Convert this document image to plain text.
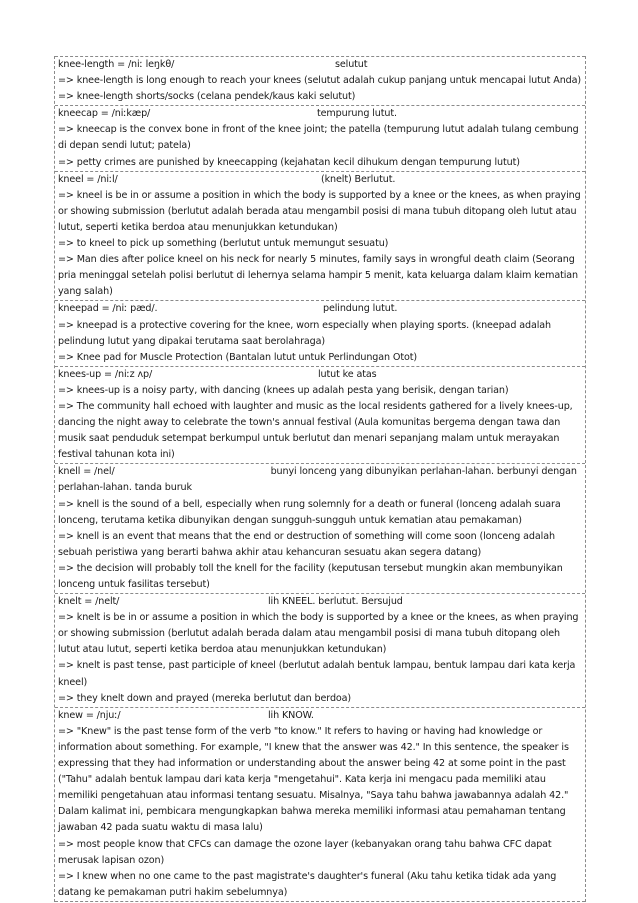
knee-length = /niː leŋkθ/	selutut
=> knee-length is long enough to reach your knees (selutut adalah cukup panjang untuk mencapai lutut Anda)
=> knee-length shorts/socks (celana pendek/kaus kaki selutut)
kneecap = /niːkæp/	tempurung lutut.
=> kneecap is the convex bone in front of the knee joint; the patella (tempurung lutut adalah tulang cembung di depan sendi lutut; patela)
=> petty crimes are punished by kneecapping (kejahatan kecil dihukum dengan tempurung lutut)
kneel = /niːl/	(knelt) Berlutut.
=> kneel is be in or assume a position in which the body is supported by a knee or the knees, as when praying or showing submission (berlutut adalah berada atau mengambil posisi di mana tubuh ditopang oleh lutut atau lutut, seperti ketika berdoa atau menunjukkan ketundukan)
=> to kneel to pick up something (berlutut untuk memungut sesuatu)
=> Man dies after police kneel on his neck for nearly 5 minutes, family says in wrongful death claim (Seorang pria meninggal setelah polisi berlutut di lehernya selama hampir 5 menit, kata keluarga dalam klaim kematian yang salah)
kneepad = /niː pæd/.	pelindung lutut.
=> kneepad is a protective covering for the knee, worn especially when playing sports. (kneepad adalah pelindung lutut yang dipakai terutama saat berolahraga)
=> Knee pad for Muscle Protection (Bantalan lutut untuk Perlindungan Otot)
knees-up = /niːz ʌp/	lutut ke atas
=> knees-up is a noisy party, with dancing (knees up adalah pesta yang berisik, dengan tarian)
=> The community hall echoed with laughter and music as the local residents gathered for a lively knees-up, dancing the night away to celebrate the town's annual festival (Aula komunitas bergema dengan tawa dan musik saat penduduk setempat berkumpul untuk berlutut dan menari sepanjang malam untuk merayakan festival tahunan kota ini)
knell = /nel/	bunyi lonceng yang dibunyikan perlahan-lahan. berbunyi dengan perlahan-lahan. tanda buruk
=> knell is the sound of a bell, especially when rung solemnly for a death or funeral (lonceng adalah suara lonceng, terutama ketika dibunyikan dengan sungguh-sungguh untuk kematian atau pemakaman)
=> knell is an event that means that the end or destruction of something will come soon (lonceng adalah sebuah peristiwa yang berarti bahwa akhir atau kehancuran sesuatu akan segera datang)
=> the decision will probably toll the knell for the facility (keputusan tersebut mungkin akan membunyikan lonceng untuk fasilitas tersebut)
knelt = /nelt/	lih KNEEL. berlutut. Bersujud
=> knelt is be in or assume a position in which the body is supported by a knee or the knees, as when praying or showing submission (berlutut adalah berada dalam atau mengambil posisi di mana tubuh ditopang oleh lutut atau lutut, seperti ketika berdoa atau menunjukkan ketundukan)
=> knelt is past tense, past participle of kneel (berlutut adalah bentuk lampau, bentuk lampau dari kata kerja kneel)
=> they knelt down and prayed (mereka berlutut dan berdoa)
knew = /njuː/	lih KNOW.
=> "Knew" is the past tense form of the verb "to know." It refers to having or having had knowledge or information about something. For example, "I knew that the answer was 42." In this sentence, the speaker is expressing that they had information or understanding about the answer being 42 at some point in the past ("Tahu" adalah bentuk lampau dari kata kerja "mengetahui". Kata kerja ini mengacu pada memiliki atau memiliki pengetahuan atau informasi tentang sesuatu. Misalnya, "Saya tahu bahwa jawabannya adalah 42." Dalam kalimat ini, pembicara mengungkapkan bahwa mereka memiliki informasi atau pemahaman tentang jawaban 42 pada suatu waktu di masa lalu)
=> most people know that CFCs can damage the ozone layer (kebanyakan orang tahu bahwa CFC dapat merusak lapisan ozon)
=> I knew when no one came to the past magistrate's daughter's funeral (Aku tahu ketika tidak ada yang datang ke pemakaman putri hakim sebelumnya)
